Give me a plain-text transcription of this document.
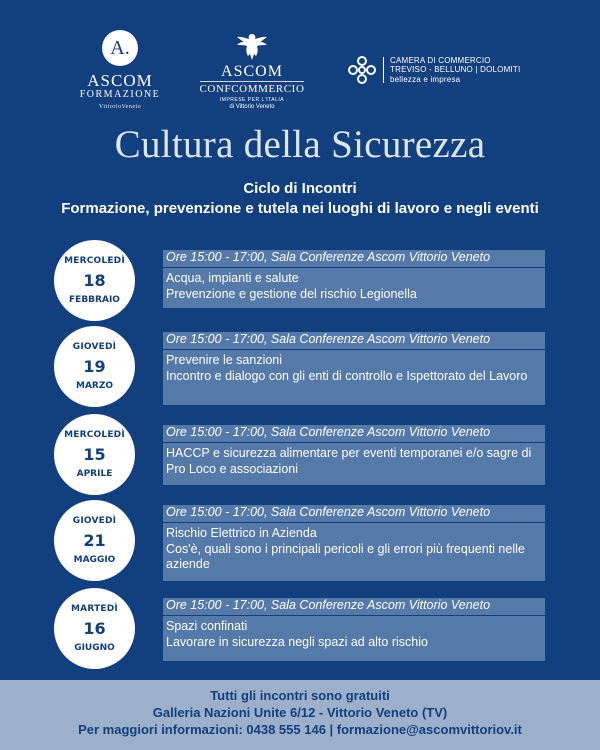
A.
ASCOM
FORMAZIONE
VittorioVeneto
ASCOM
CONFCOMMERCIO
IMPRESE PER L'ITALIA
di Vittorio Veneto
CAMERA DI COMMERCIO
TREVISO - BELLUNO | DOLOMITI
bellezza e impresa
Cultura della Sicurezza
Ciclo di Incontri
Formazione, prevenzione e tutela nei luoghi di lavoro e negli eventi
MERCOLEDÌ
18
FEBBRAIO
Ore 15:00 - 17:00, Sala Conferenze Ascom Vittorio Veneto
Acqua, impianti e salute
Prevenzione e gestione del rischio Legionella
GIOVEDÌ
19
MARZO
Ore 15:00 - 17:00, Sala Conferenze Ascom Vittorio Veneto
Prevenire le sanzioni
Incontro e dialogo con gli enti di controllo e Ispettorato del Lavoro
MERCOLEDÌ
15
APRILE
Ore 15:00 - 17:00, Sala Conferenze Ascom Vittorio Veneto
HACCP e sicurezza alimentare per eventi temporanei e/o sagre di Pro Loco e associazioni
GIOVEDÌ
21
MAGGIO
Ore 15:00 - 17:00, Sala Conferenze Ascom Vittorio Veneto
Rischio Elettrico in Azienda
Cos'è, quali sono i principali pericoli e gli errori più frequenti nelle aziende
MARTEDÌ
16
GIUGNO
Ore 15:00 - 17:00, Sala Conferenze Ascom Vittorio Veneto
Spazi confinati
Lavorare in sicurezza negli spazi ad alto rischio
Tutti gli incontri sono gratuiti
Galleria Nazioni Unite 6/12 - Vittorio Veneto (TV)
Per maggiori informazioni: 0438 555 146 | formazione@ascomvittoriov.it
